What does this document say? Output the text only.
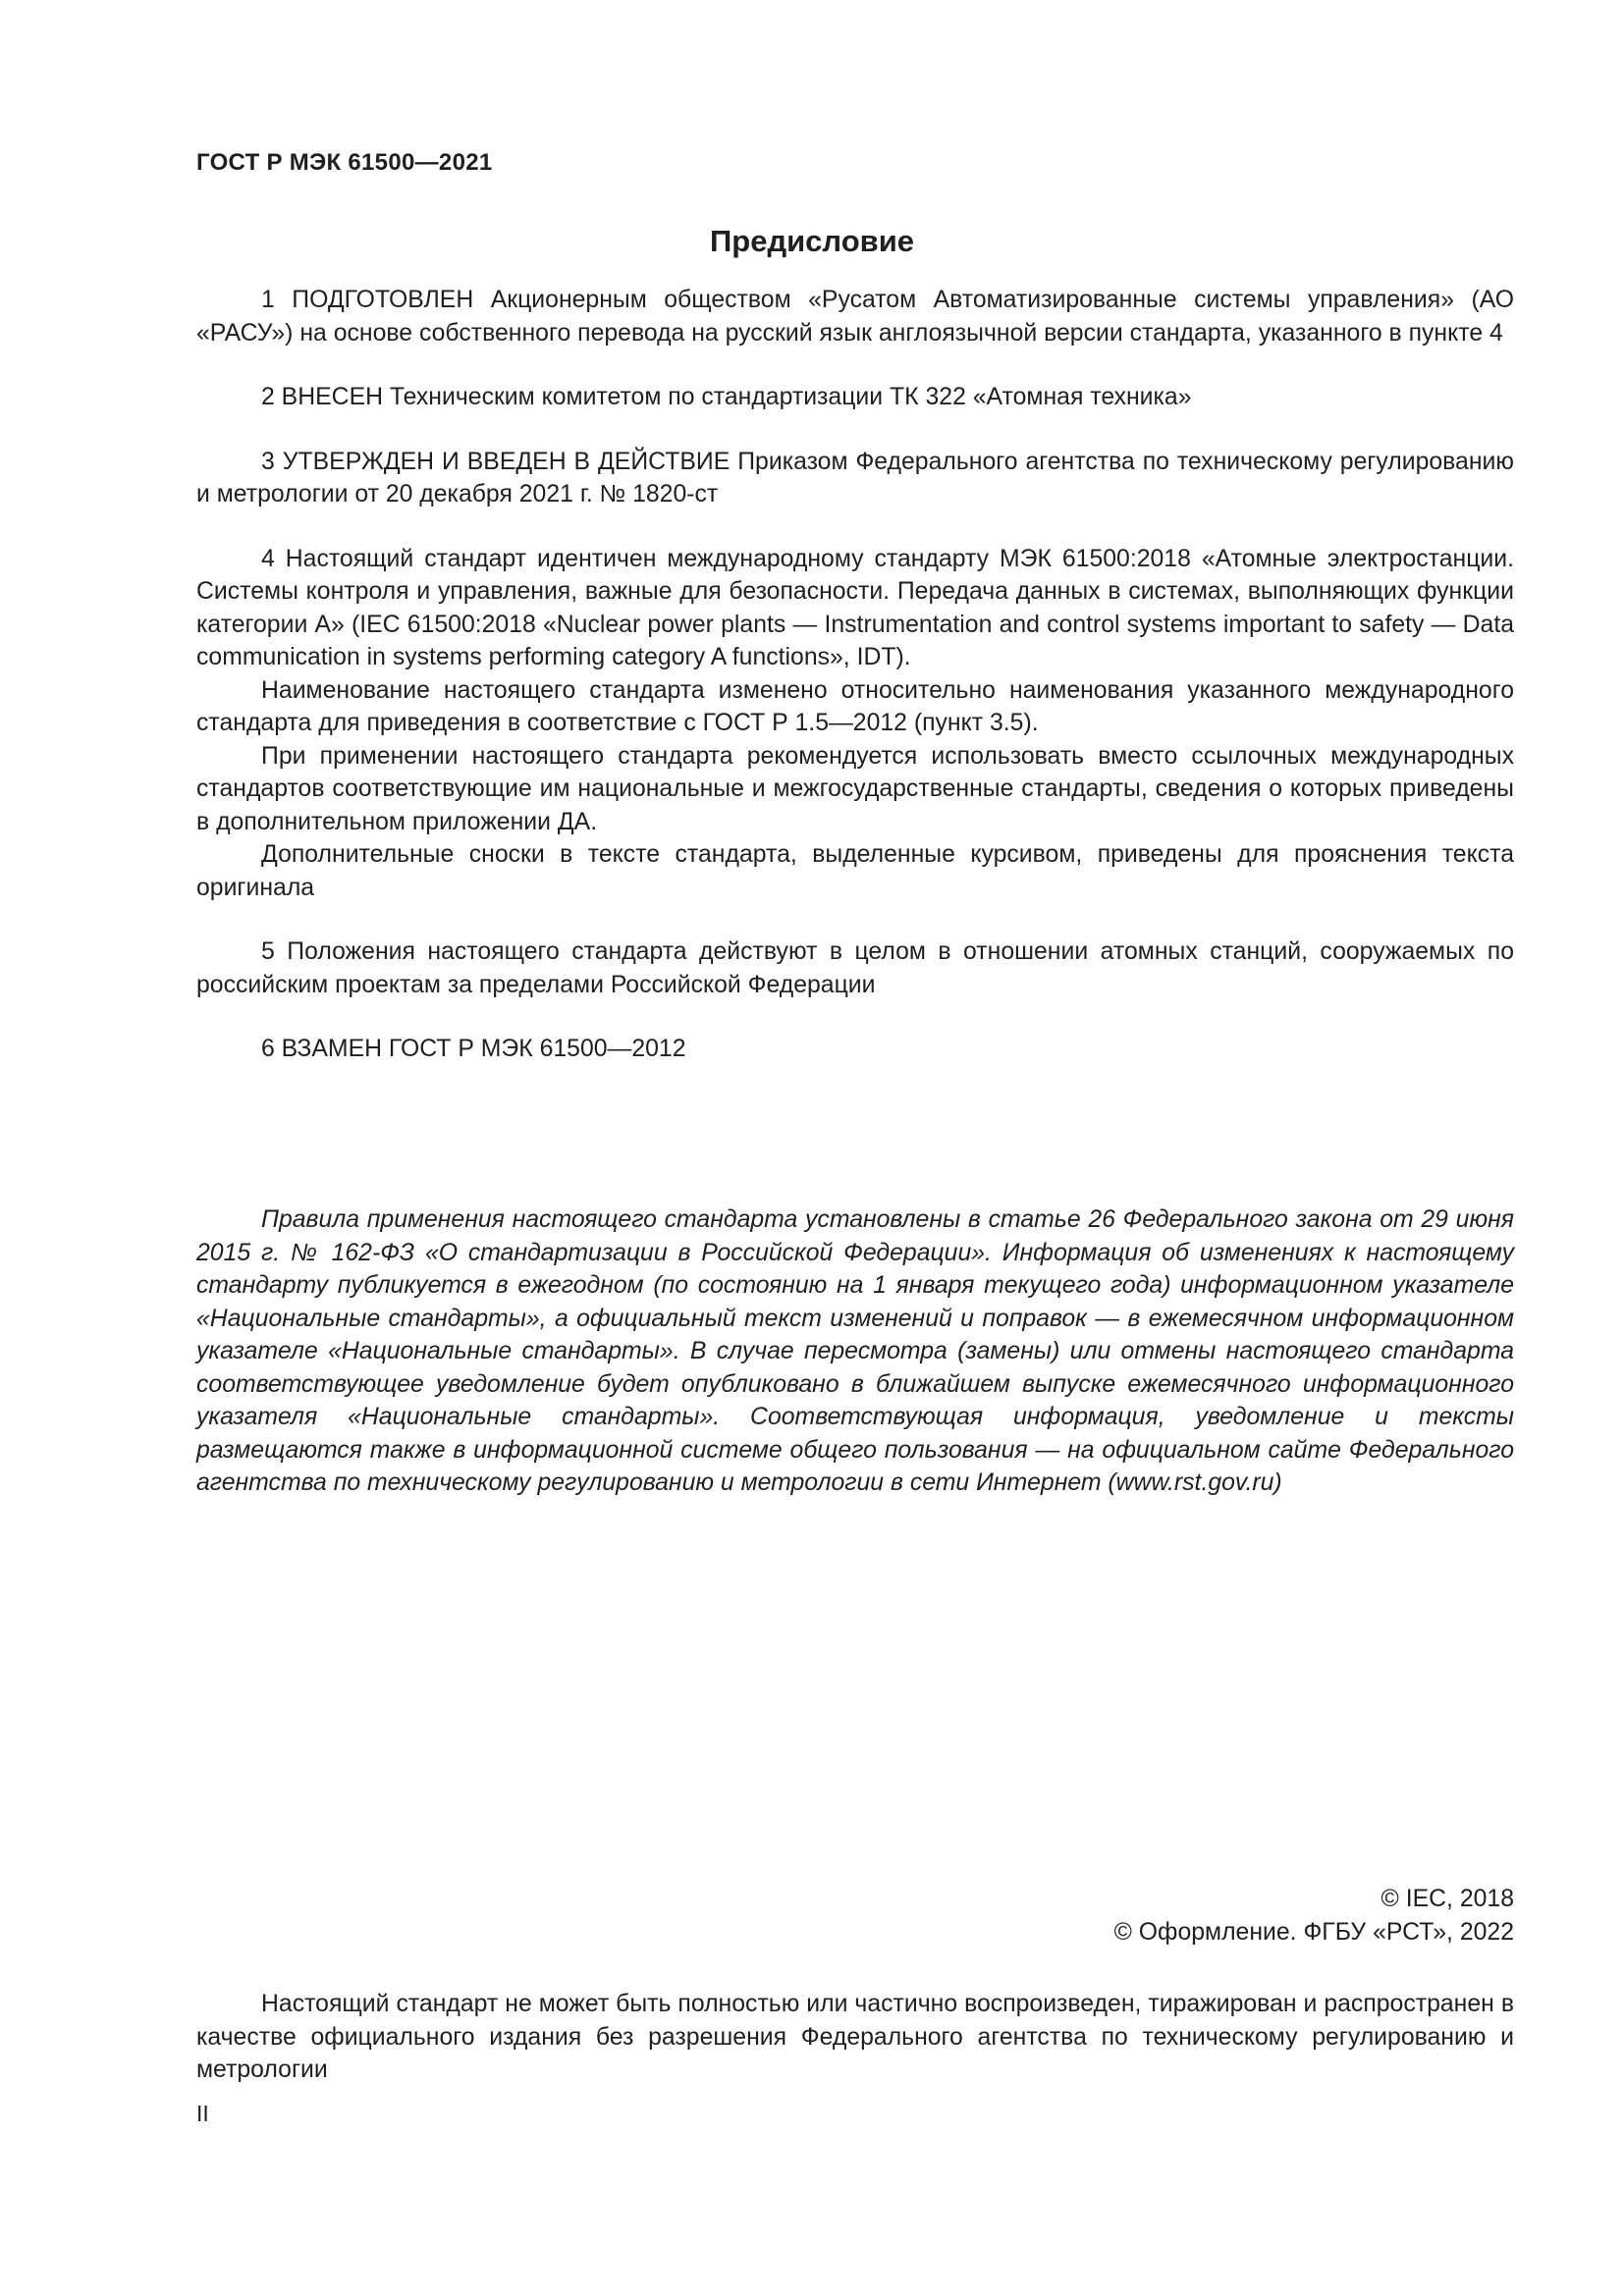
ГОСТ Р МЭК 61500—2021
Предисловие

1 ПОДГОТОВЛЕН Акционерным обществом «Русатом Автоматизированные системы управления» (АО «РАСУ») на основе собственного перевода на русский язык англоязычной версии стандарта, указанного в пункте 4

2 ВНЕСЕН Техническим комитетом по стандартизации ТК 322 «Атомная техника»

3 УТВЕРЖДЕН И ВВЕДЕН В ДЕЙСТВИЕ Приказом Федерального агентства по техническому регулированию и метрологии от 20 декабря 2021 г. № 1820-ст

4 Настоящий стандарт идентичен международному стандарту МЭК 61500:2018 «Атомные электростанции. Системы контроля и управления, важные для безопасности. Передача данных в системах, выполняющих функции категории А» (IEC 61500:2018 «Nuclear power plants — Instrumentation and control systems important to safety — Data communication in systems performing category A functions», IDT).

Наименование настоящего стандарта изменено относительно наименования указанного международного стандарта для приведения в соответствие с ГОСТ Р 1.5—2012 (пункт 3.5).

При применении настоящего стандарта рекомендуется использовать вместо ссылочных международных стандартов соответствующие им национальные и межгосударственные стандарты, сведения о которых приведены в дополнительном приложении ДА.

Дополнительные сноски в тексте стандарта, выделенные курсивом, приведены для прояснения текста оригинала

5 Положения настоящего стандарта действуют в целом в отношении атомных станций, сооружаемых по российским проектам за пределами Российской Федерации

6 ВЗАМЕН ГОСТ Р МЭК 61500—2012

Правила применения настоящего стандарта установлены в статье 26 Федерального закона от 29 июня 2015 г. № 162-ФЗ «О стандартизации в Российской Федерации». Информация об изменениях к настоящему стандарту публикуется в ежегодном (по состоянию на 1 января текущего года) информационном указателе «Национальные стандарты», а официальный текст изменений и поправок — в ежемесячном информационном указателе «Национальные стандарты». В случае пересмотра (замены) или отмены настоящего стандарта соответствующее уведомление будет опубликовано в ближайшем выпуске ежемесячного информационного указателя «Национальные стандарты». Соответствующая информация, уведомление и тексты размещаются также в информационной системе общего пользования — на официальном сайте Федерального агентства по техническому регулированию и метрологии в сети Интернет (www.rst.gov.ru)

© IEC, 2018
© Оформление. ФГБУ «РСТ», 2022

Настоящий стандарт не может быть полностью или частично воспроизведен, тиражирован и распространен в качестве официального издания без разрешения Федерального агентства по техническому регулированию и метрологии

II
